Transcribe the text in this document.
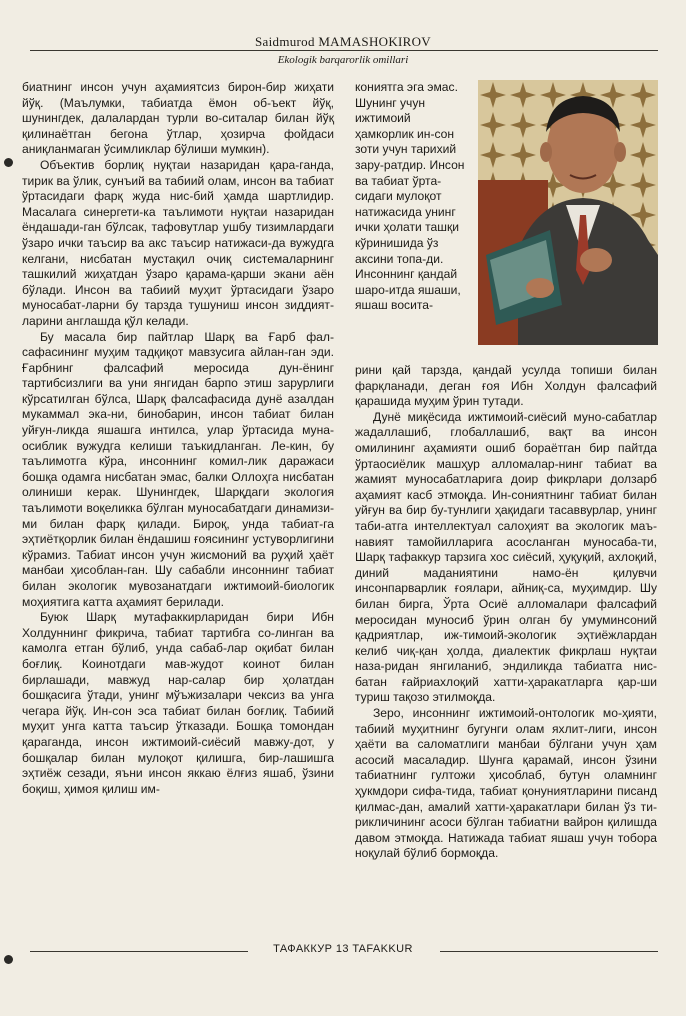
Saidmurod MAMASHOKIROV
Ekologik barqarorlik omillari

биатнинг инсон учун аҳамиятсиз бирон-бир жиҳати йўқ. (Маълумки, табиатда ёмон об-ъект йўқ, шунингдек, далалардан турли во-ситалар билан йўқ қилинаётган бегона ўтлар, ҳозирча фойдаси аниқланмаган ўсимликлар бўлиши мумкин).

Объектив борлиқ нуқтаи назаридан қара-ганда, тирик ва ўлик, сунъий ва табиий олам, инсон ва табиат ўртасидаги фарқ жуда нис-бий ҳамда шартлидир. Масалага синергети-ка таълимоти нуқтаи назаридан ёндашади-ган бўлсак, тафовутлар ушбу тизимлардаги ўзаро ички таъсир ва акс таъсир натижаси-да вужудга келгани, нисбатан мустақил очиқ системаларнинг ташкилий жиҳатдан ўзаро қарама-қарши экани аён бўлади. Инсон ва табиий муҳит ўртасидаги ўзаро муносабат-ларни бу тарзда тушуниш инсон зиддият-ларини англашда қўл келади.

Бу масала бир пайтлар Шарқ ва Ғарб фал-сафасининг муҳим тадқиқот мавзусига айлан-ган эди. Ғарбнинг фалсафий меросида дун-ёнинг тартибсизлиги ва уни янгидан барпо этиш зарурлиги кўрсатилган бўлса, Шарқ фалсафасида дунё азалдан мукаммал эка-ни, бинобарин, инсон табиат билан уйғун-ликда яшашга интилса, улар ўртасида муна-осиблик вужудга келиши таъкидланган. Ле-кин, бу таълимотга кўра, инсоннинг комил-лик даражаси бошқа одамга нисбатан эмас, балки Оллоҳга нисбатан олиниши керак. Шунингдек, Шарқдаги экология таълимоти воқеликка бўлган муносабатдаги динамизи-ми билан фарқ қилади. Бироқ, унда табиат-га эҳтиётқорлик билан ёндашиш ғоясининг устуворлигини кўрамиз. Табиат инсон учун жисмоний ва руҳий ҳаёт манбаи ҳисоблан-ган. Шу сабабли инсоннинг табиат билан экологик мувозанатдаги ижтимоий-биологик моҳиятига катта аҳамият берилади.

Буюк Шарқ мутафаккирларидан бири Ибн Холдуннинг фикрича, табиат тартибга со-линган ва камолга етган бўлиб, унда сабаб-лар оқибат билан боғлиқ. Коинотдаги мав-жудот коинот билан бирлашади, мавжуд нар-салар бир ҳолатдан бошқасига ўтади, унинг мўъжизалари чексиз ва унга чегара йўқ. Ин-сон эса табиат билан боғлиқ. Табиий муҳит унга катта таъсир ўтказади. Бошқа томондан қараганда, инсон ижтимоий-сиёсий мавжу-дот, у бошқалар билан мулоқот қилишга, бир-лашишга эҳтиёж сезади, яъни инсон яккаю ёлғиз яшаб, ўзини боқиш, ҳимоя қилиш им-

кониятга эга эмас. Шунинг учун ижтимоий ҳамкорлик ин-сон зоти учун тарихий зару-ратдир. Инсон ва табиат ўрта-сидаги мулоқот натижасида унинг ички ҳолати ташқи кўринишида ўз аксини топа-ди. Инсоннинг қандай шаро-итда яшаши, яшаш восита-

рини қай тарзда, қандай усулда топиши билан фарқланади, деган ғоя Ибн Холдун фалсафий қарашида муҳим ўрин тутади.

Дунё миқёсида ижтимоий-сиёсий муно-сабатлар жадаллашиб, глобаллашиб, вақт ва инсон омилининг аҳамияти ошиб бораётган бир пайтда ўртаосиёлик машҳур алломалар-нинг табиат ва жамият муносабатларига доир фикрлари долзарб аҳамият касб этмоқда. Ин-сониятнинг табиат билан уйғун ва бир бу-тунлиги ҳақидаги тасаввурлар, унинг таби-атга интеллектуал салоҳият ва экологик маъ-навият тамойилларига асосланган муносаба-ти, Шарқ тафаккур тарзига хос сиёсий, ҳуқуқий, ахлоқий, диний маданиятини намо-ён қилувчи инсонпарварлик ғоялари, айниқ-са, муҳимдир. Шу билан бирга, Ўрта Осиё алломалари фалсафий меросидан муносиб ўрин олган бу умуминсоний қадриятлар, иж-тимоий-экологик эҳтиёжлардан келиб чиқ-қан ҳолда, диалектик фикрлаш нуқтаи наза-ридан янгиланиб, эндиликда табиатга нис-батан ғайриахлоқий хатти-ҳаракатларга қар-ши туриш тақозо этилмоқда.

Зеро, инсоннинг ижтимоий-онтологик мо-ҳияти, табиий муҳитнинг бугунги олам яхлит-лиги, инсон ҳаёти ва саломатлиги манбаи бўлгани учун ҳам асосий масаладир. Шунга қарамай, инсон ўзини табиатнинг гултожи ҳисоблаб, бутун оламнинг ҳукмдори сифа-тида, табиат қонуниятларини писанд қилмас-дан, амалий хатти-ҳаракатлари билан ўз ти-рикличининг асоси бўлган табиатни вайрон қилишда давом этмоқда. Натижада табиат яшаш учун тобора ноқулай бўлиб бормоқда.

ТАФАККУР 13 TAFAKKUR
